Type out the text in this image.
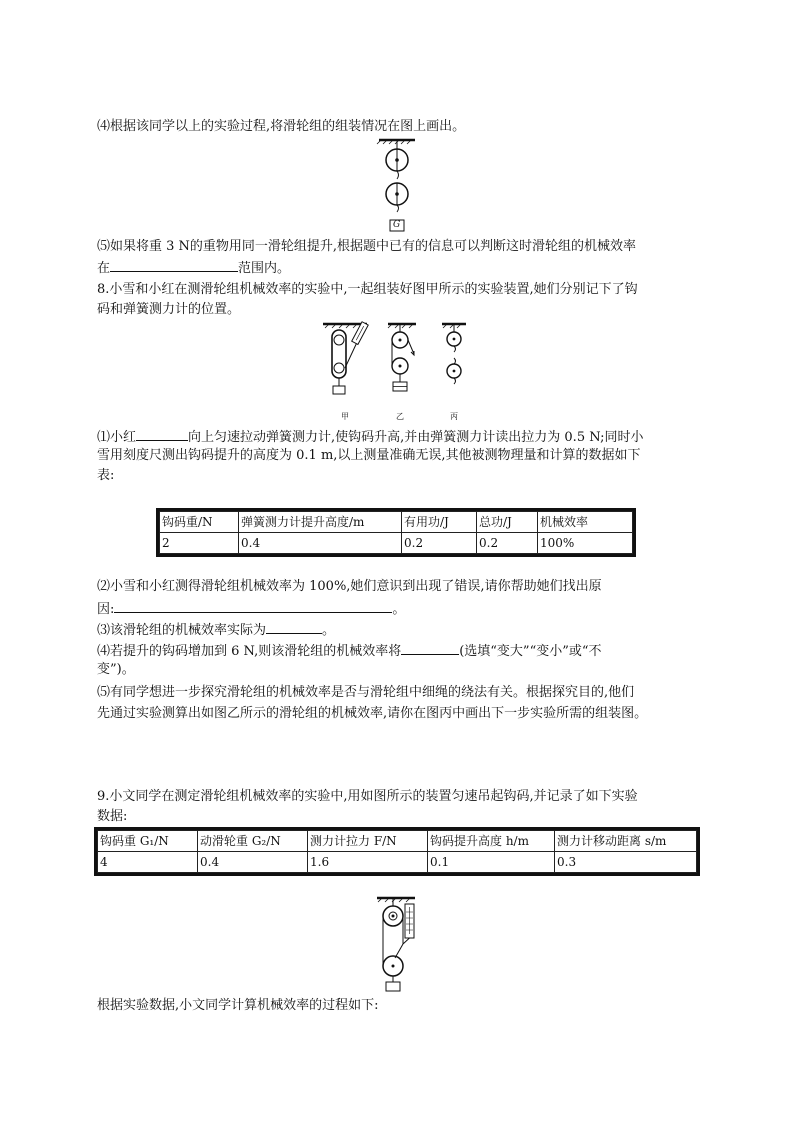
⑷根据该同学以上的实验过程,将滑轮组的组装情况在图上画出。
G
⑸如果将重 3 N的重物用同一滑轮组提升,根据题中已有的信息可以判断这时滑轮组的机械效率
在	范围内。
8.小雪和小红在测滑轮组机械效率的实验中,一起组装好图甲所示的实验装置,她们分别记下了钩
码和弹簧测力计的位置。
甲	乙	丙
⑴小红	向上匀速拉动弹簧测力计,使钩码升高,并由弹簧测力计读出拉力为 0.5 N;同时小
雪用刻度尺测出钩码提升的高度为 0.1 m,以上测量准确无误,其他被测物理量和计算的数据如下
表:
钩码重/N	弹簧测力计提升高度/m	有用功/J	总功/J	机械效率
2	0.4	0.2	0.2	100%
⑵小雪和小红测得滑轮组机械效率为 100%,她们意识到出现了错误,请你帮助她们找出原
因:	。
⑶该滑轮组的机械效率实际为	。
⑷若提升的钩码增加到 6 N,则该滑轮组的机械效率将	(选填“变大”“变小”或“不
变”)。
⑸有同学想进一步探究滑轮组的机械效率是否与滑轮组中细绳的绕法有关。根据探究目的,他们
先通过实验测算出如图乙所示的滑轮组的机械效率,请你在图丙中画出下一步实验所需的组装图。
9.小文同学在测定滑轮组机械效率的实验中,用如图所示的装置匀速吊起钩码,并记录了如下实验
数据:
钩码重 G₁/N	动滑轮重 G₂/N	测力计拉力 F/N	钩码提升高度 h/m	测力计移动距离 s/m
4	0.4	1.6	0.1	0.3
根据实验数据,小文同学计算机械效率的过程如下:
